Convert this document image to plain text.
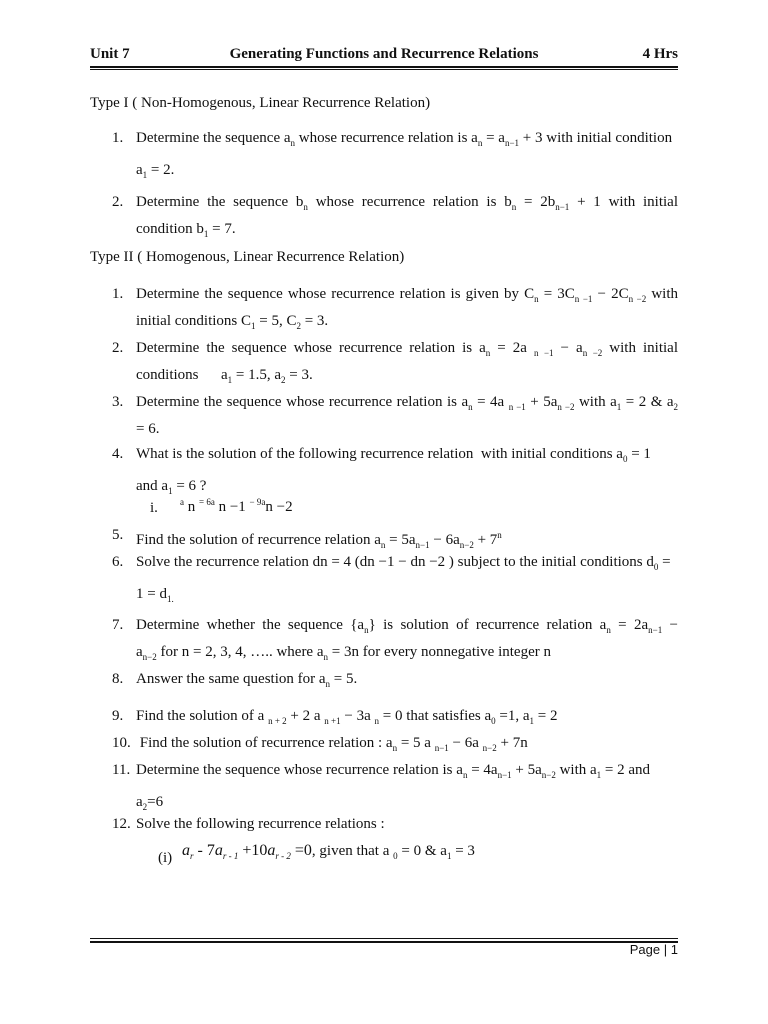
Unit 7	Generating Functions and Recurrence Relations	4 Hrs
Type I ( Non-Homogenous, Linear Recurrence Relation)
1. Determine the sequence $a_n$ whose recurrence relation is $a_n = a_{n-1} + 3$ with initial condition
$a_1 = 2$.
2. Determine the sequence $b_n$ whose recurrence relation is $b_n = 2b_{n-1} + 1$ with initial
condition $b_1 = 7$.
Type II ( Homogenous, Linear Recurrence Relation)
1. Determine the sequence whose recurrence relation is given by $C_n = 3C_{n -1} - 2C_{n -2}$ with
initial conditions $C_1 = 5$, $C_2 = 3$.
2. Determine the sequence whose recurrence relation is $a_n = 2a$ $_{n -1} - a_{n -2}$ with initial
conditions      $a_1 = 1.5$, $a_2 = 3$.
3. Determine the sequence whose recurrence relation is $a_n = 4a$ $_{n -1} + 5a_{n -2}$ with $a_1 = 2$ & $a_2$
= 6.
4. What is the solution of the following recurrence relation  with initial conditions $a_0 = 1$
and $a_1 = 6$ ?
i. $^a$ n $^{= 6a}$ n −1 $^{- 9a}$n −2
5. Find the solution of recurrence relation $a_n = 5a_{n-1} - 6a_{n-2} + 7^n$
6. Solve the recurrence relation dn = 4 (dn −1 − dn −2 ) subject to the initial conditions $d_0$ =
$1 = d_{1.}$
7. Determine whether the sequence $\{a_n\}$ is solution of recurrence relation $a_n = 2a_{n-1}$ −
$a_{n-2}$ for n = 2, 3, 4, ….. where $a_n = 3n$ for every nonnegative integer n
8. Answer the same question for $a_n = 5$.
9. Find the solution of a $_{n + 2}$ + 2 a $_{n +1}$ − 3a $_n$ = 0 that satisfies $a_0 =1$, $a_1 = 2$
10. Find the solution of recurrence relation : $a_n = 5$ a $_{n-1}$ − 6a $_{n-2}$ + 7n
11. Determine the sequence whose recurrence relation is $a_n = 4a_{n-1} + 5a_{n-2}$ with $a_1 = 2$ and
$a_2=6$
12. Solve the following recurrence relations :
(i) $a_r - 7a_{r - 1} +10a_{r - 2} =0$, given that a $_0$ = 0 & $a_1 = 3$
Page | 1
